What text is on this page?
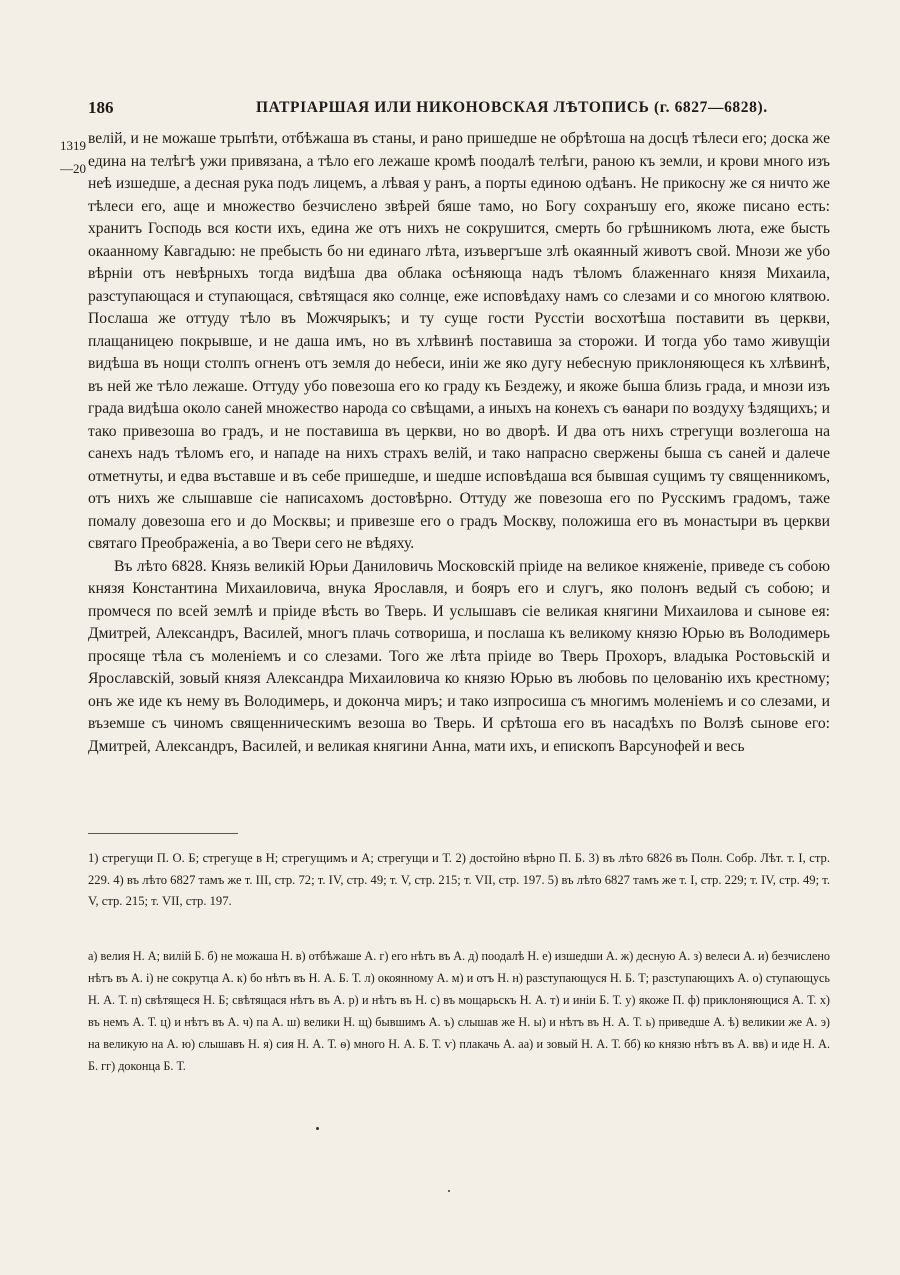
186	ПАТРІАРШАЯ ИЛИ НИКОНОВСКАЯ ЛѢТОПИСЬ (г. 6827—6828).
1319
—20

велій, и не можаше трьпѣти, отбѣжаша въ станы, и рано пришедше не обрѣтоша на досцѣ тѣлеси его; доска же едина на телѣгѣ ужи привязана, а тѣло его лежаше кромѣ поодалѣ телѣги, ранoю къ земли, и крови много изъ неѣ изшедше, а десная рука подъ лицемъ, а лѣвая у ранъ, а порты единою одѣанъ. Не прикосну же ся ничто же тѣлеси его, аще и множество безчислено звѣрей бяше тамо, но Богу сохранъшу его, якоже писано есть: хранитъ Господь вся кости ихъ, едина же отъ нихъ не сокрушится, смерть бо грѣшникомъ люта, еже бысть окаанному Кавгадыю: не пребысть бо ни единаго лѣта, изъвергъше злѣ окаянный животъ свой. Мнози же убо вѣрніи отъ невѣрныхъ тогда видѣша два облака осѣняюща надъ тѣломъ блаженнаго князя Михаила, разступающася и ступающася, свѣтящася яко солнце, еже исповѣдаху намъ со слезами и со многою клятвою. Послаша же оттуду тѣло въ Можчярыкъ; и ту суще гости Русстіи восхотѣша поставити въ церкви, плащаницею покрывше, и не даша имъ, но въ хлѣвинѣ поставиша за сторожи. И тогда убо тамо живущіи видѣша въ нощи столпъ огненъ отъ земля до небеси, иніи же яко дугу небесную приклоняющеся къ хлѣвинѣ, въ ней же тѣло лежаше. Оттуду убо повезоша его ко граду къ Бездежу, и якоже быша близь града, и мнози изъ града видѣша около саней множество народа со свѣщами, а иныхъ на конехъ съ ѳанари по воздуху ѣздящихъ; и тако привезоша во градъ, и не поставиша въ церкви, но во дворѣ. И два отъ нихъ стрегущи возлегоша на санехъ надъ тѣломъ его, и нападе на нихъ страхъ велій, и тако напрасно свержены быша съ саней и далече отметнуты, и едва въставше и въ себе пришедше, и шедше исповѣдаша вся бывшая сущимъ ту священникомъ, отъ нихъ же слышавше сіе написахомъ достовѣрно. Оттуду же повезоша его по Русскимъ градомъ, таже помалу довезоша его и до Москвы; и привезше его о градъ Москву, положиша его въ монастыри въ церкви святаго Преображеніа, а во Твери сего не вѣдяху.

Въ лѣто 6828. Князь великій Юрьи Даниловичь Московскій пріиде на великое княженіе, приведе съ собою князя Константина Михаиловича, внука Ярославля, и бояръ его и слугъ, яко полонъ ведый съ собою; и промчеся по всей землѣ и пріиде вѣсть во Тверь. И услышавъ сіе великая княгини Михаилова и сынове ея: Дмитрей, Александръ, Василей, многъ плачь сотвориша, и послаша къ великому князю Юрью въ Володимерь просяще тѣла съ моленіемъ и со слезами. Того же лѣта пріиде во Тверь Прохоръ, владыка Ростовьскій и Ярославскій, зовый князя Александра Михаиловича ко князю Юрью въ любовь по целованію ихъ крестному; онъ же иде къ нему въ Володимерь, и доконча миръ; и тако изпросиша съ многимъ моленіемъ и со слезами, и въземше съ чиномъ священническимъ везоша во Тверь. И срѣтоша его въ насадѣхъ по Волзѣ сынове его: Дмитрей, Александръ, Василей, и великая княгини Анна, мати ихъ, и епископъ Варсунофей и весь

1) стрегущи П. О. Б; стрегуще в Н; стрегущимъ и А; стрегущи и Т. 2) достойно вѣрно П. Б. 3) въ лѣто 6826 въ Полн. Собр. Лѣт. т. I, стр. 229. 4) въ лѣто 6827 тамъ же т. III, стр. 72; т. IV, стр. 49; т. V, стр. 215; т. VII, стр. 197. 5) въ лѣто 6827 тамъ же т. I, стр. 229; т. IV, стр. 49; т. V, стр. 215; т. VII, стр. 197.
а) велия Н. А; вилій Б. б) не можаша Н. в) отбѣжаше А. г) его нѣтъ въ А. д) поодалѣ Н. е) изшедши А. ж) деснyю А. з) велеси А. и) безчислено нѣтъ въ А. і) не сокрутца А. к) бо нѣтъ въ Н. А. Б. Т. л) окоянному А. м) и отъ Н. н) разступающуся Н. Б. Т; разступающихъ А. о) ступающусь Н. А. Т. п) свѣтящеся Н. Б; свѣтящася нѣтъ въ А. р) и нѣтъ въ Н. с) въ мощарьскъ Н. А. т) и иніи Б. Т. у) якоже П. ф) приклоняющися А. Т. х) въ немъ А. Т. ц) и нѣтъ въ А. ч) па А. ш) велики Н. щ) бывшимъ А. ъ) слышав же Н. ы) и нѣтъ въ Н. А. Т. ь) приведше А. ѣ) великии же А. э) на великую на А. ю) слышавъ Н. я) сия Н. А. Т. ѳ) много Н. А. Б. Т. ѵ) плакачь А. аа) и зовый Н. А. Т. бб) ко князю нѣтъ въ А. вв) и иде Н. А. Б. гг) доконца Б. Т.
